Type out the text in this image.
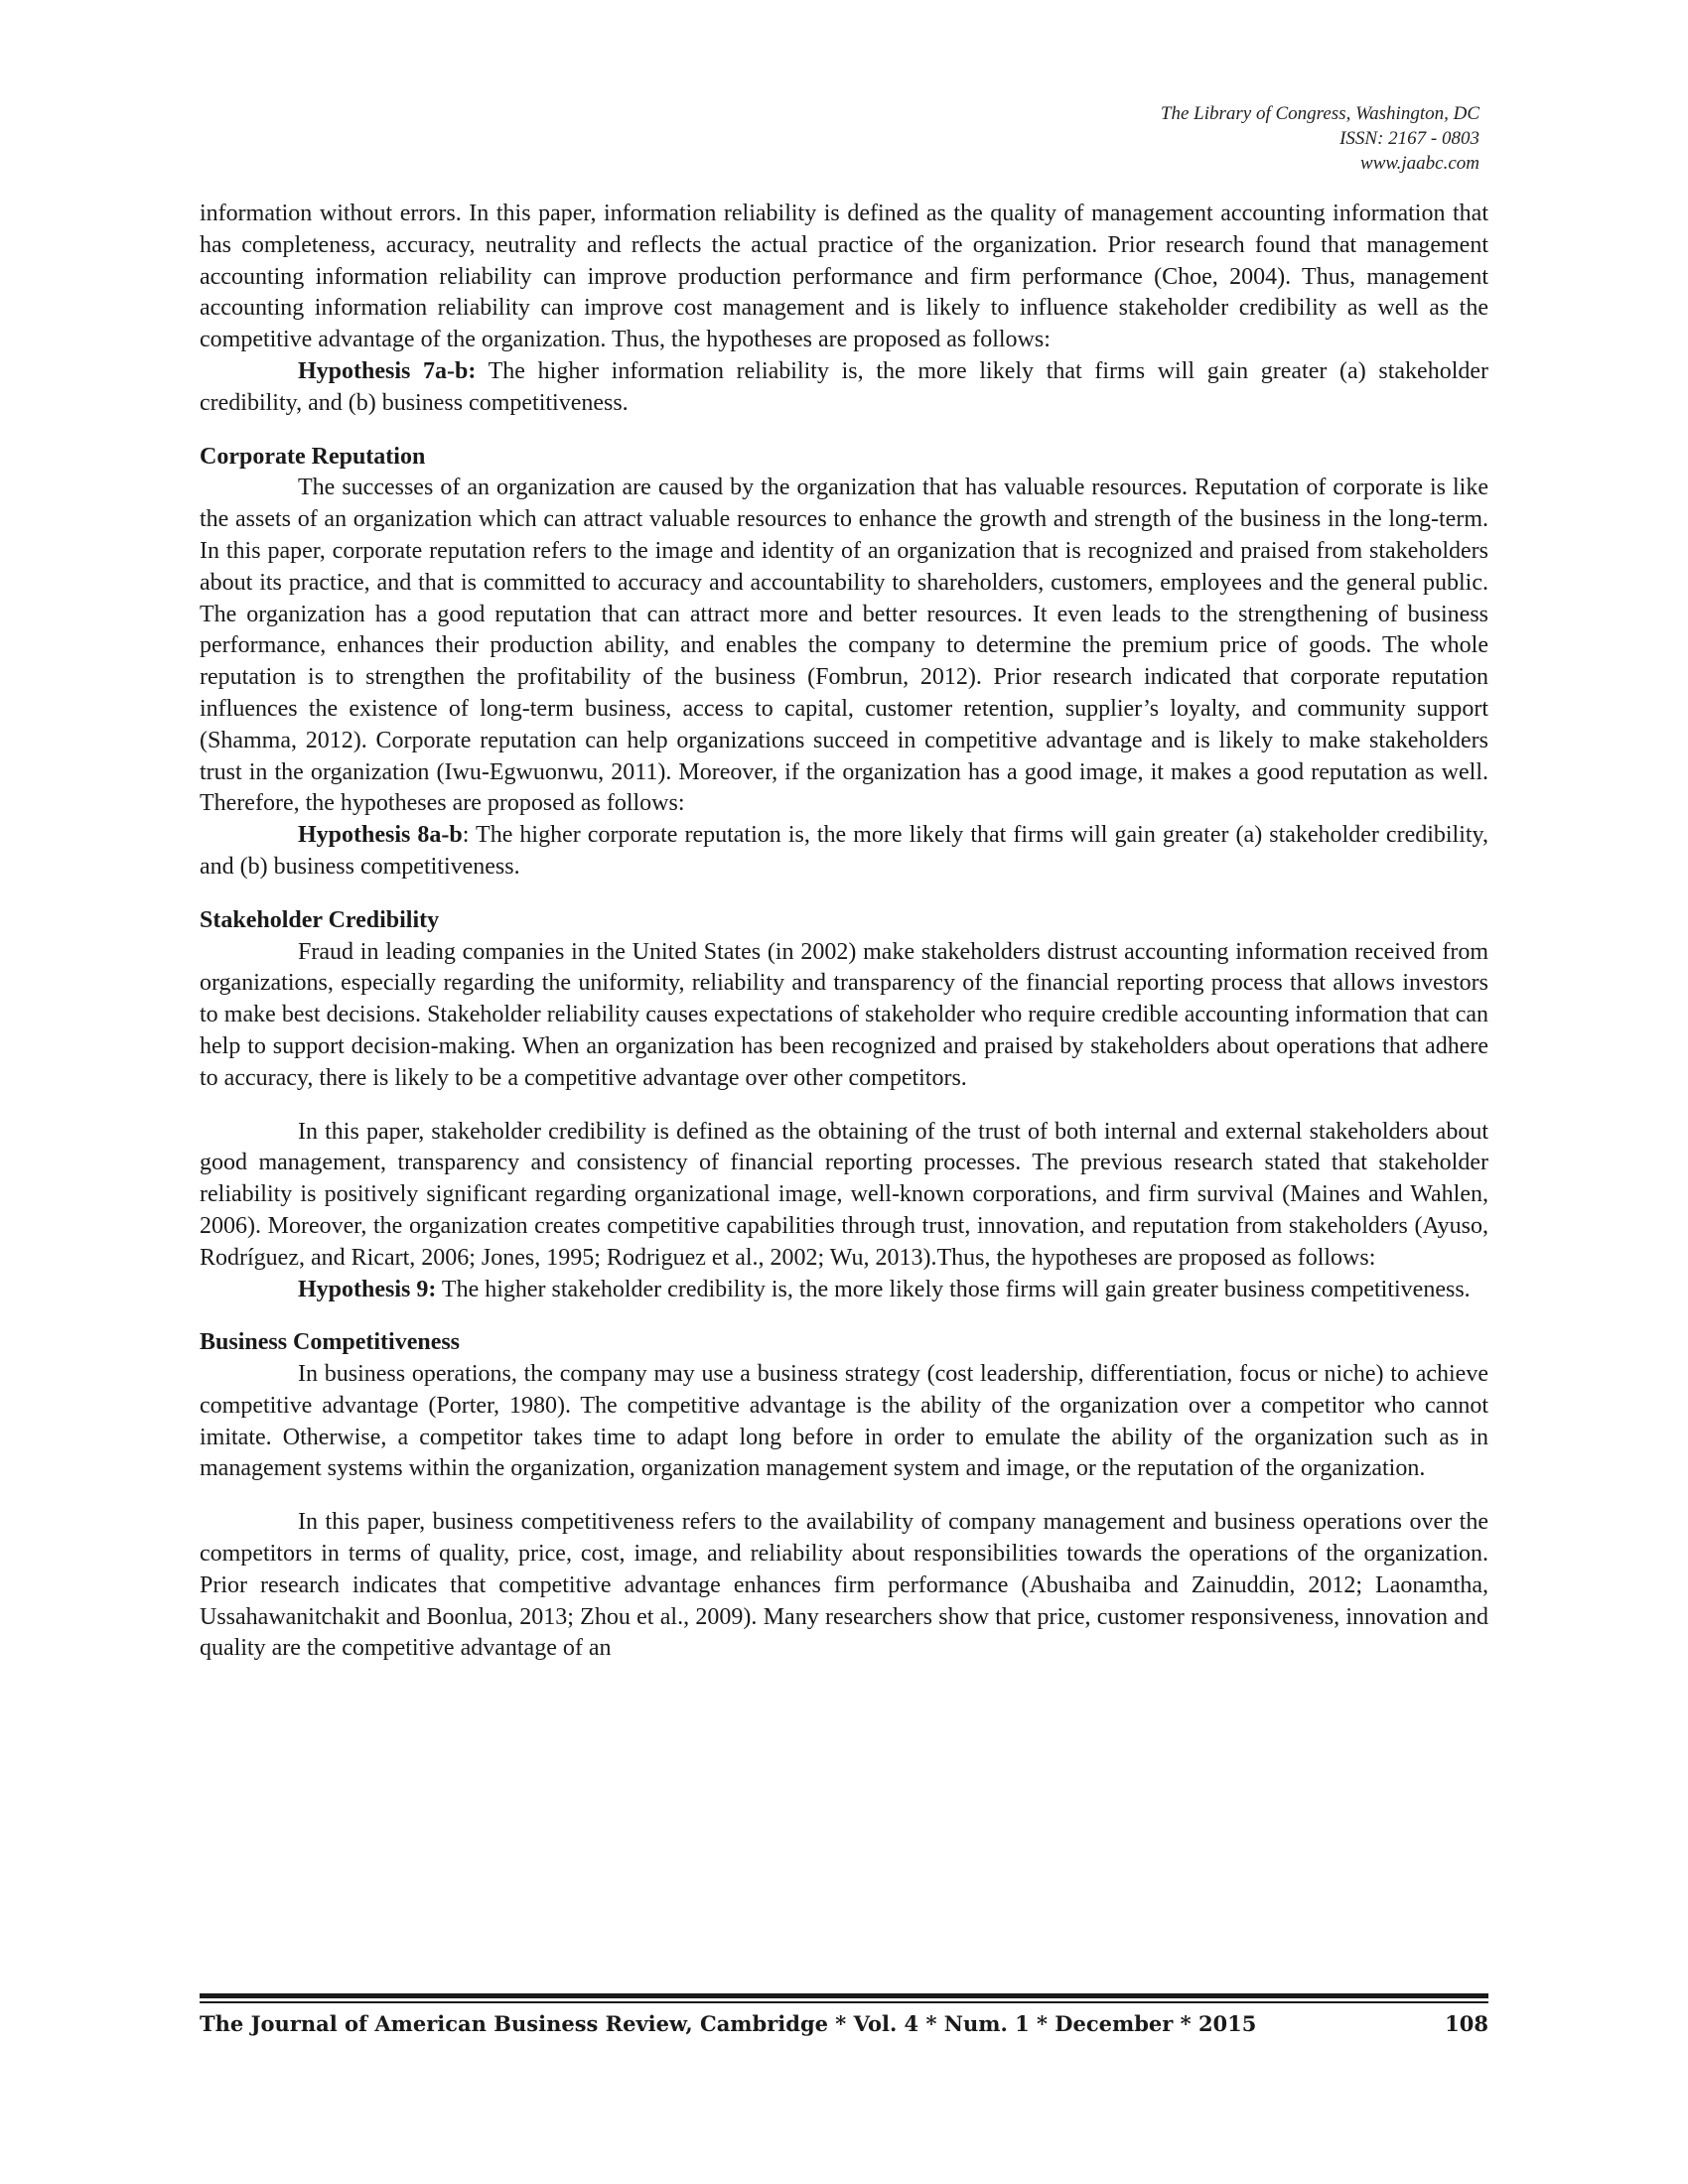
The Library of Congress, Washington, DC
ISSN: 2167 - 0803
www.jaabc.com

information without errors. In this paper, information reliability is defined as the quality of management accounting information that has completeness, accuracy, neutrality and reflects the actual practice of the organization. Prior research found that management accounting information reliability can improve production performance and firm performance (Choe, 2004). Thus, management accounting information reliability can improve cost management and is likely to influence stakeholder credibility as well as the competitive advantage of the organization. Thus, the hypotheses are proposed as follows:

Hypothesis 7a-b: The higher information reliability is, the more likely that firms will gain greater (a) stakeholder credibility, and (b) business competitiveness.

Corporate Reputation

The successes of an organization are caused by the organization that has valuable resources. Reputation of corporate is like the assets of an organization which can attract valuable resources to enhance the growth and strength of the business in the long-term. In this paper, corporate reputation refers to the image and identity of an organization that is recognized and praised from stakeholders about its practice, and that is committed to accuracy and accountability to shareholders, customers, employees and the general public. The organization has a good reputation that can attract more and better resources. It even leads to the strengthening of business performance, enhances their production ability, and enables the company to determine the premium price of goods. The whole reputation is to strengthen the profitability of the business (Fombrun, 2012). Prior research indicated that corporate reputation influences the existence of long-term business, access to capital, customer retention, supplier’s loyalty, and community support (Shamma, 2012). Corporate reputation can help organizations succeed in competitive advantage and is likely to make stakeholders trust in the organization (Iwu-Egwuonwu, 2011). Moreover, if the organization has a good image, it makes a good reputation as well. Therefore, the hypotheses are proposed as follows:

Hypothesis 8a-b: The higher corporate reputation is, the more likely that firms will gain greater (a) stakeholder credibility, and (b) business competitiveness.

Stakeholder Credibility

Fraud in leading companies in the United States (in 2002) make stakeholders distrust accounting information received from organizations, especially regarding the uniformity, reliability and transparency of the financial reporting process that allows investors to make best decisions. Stakeholder reliability causes expectations of stakeholder who require credible accounting information that can help to support decision-making. When an organization has been recognized and praised by stakeholders about operations that adhere to accuracy, there is likely to be a competitive advantage over other competitors.

In this paper, stakeholder credibility is defined as the obtaining of the trust of both internal and external stakeholders about good management, transparency and consistency of financial reporting processes. The previous research stated that stakeholder reliability is positively significant regarding organizational image, well-known corporations, and firm survival (Maines and Wahlen, 2006). Moreover, the organization creates competitive capabilities through trust, innovation, and reputation from stakeholders (Ayuso, Rodríguez, and Ricart, 2006; Jones, 1995; Rodriguez et al., 2002; Wu, 2013).Thus, the hypotheses are proposed as follows:

Hypothesis 9: The higher stakeholder credibility is, the more likely those firms will gain greater business competitiveness.

Business Competitiveness

In business operations, the company may use a business strategy (cost leadership, differentiation, focus or niche) to achieve competitive advantage (Porter, 1980). The competitive advantage is the ability of the organization over a competitor who cannot imitate. Otherwise, a competitor takes time to adapt long before in order to emulate the ability of the organization such as in management systems within the organization, organization management system and image, or the reputation of the organization.

In this paper, business competitiveness refers to the availability of company management and business operations over the competitors in terms of quality, price, cost, image, and reliability about responsibilities towards the operations of the organization. Prior research indicates that competitive advantage enhances firm performance (Abushaiba and Zainuddin, 2012; Laonamtha, Ussahawanitchakit and Boonlua, 2013; Zhou et al., 2009). Many researchers show that price, customer responsiveness, innovation and quality are the competitive advantage of an

The Journal of American Business Review, Cambridge * Vol. 4 * Num. 1 * December * 2015	108
